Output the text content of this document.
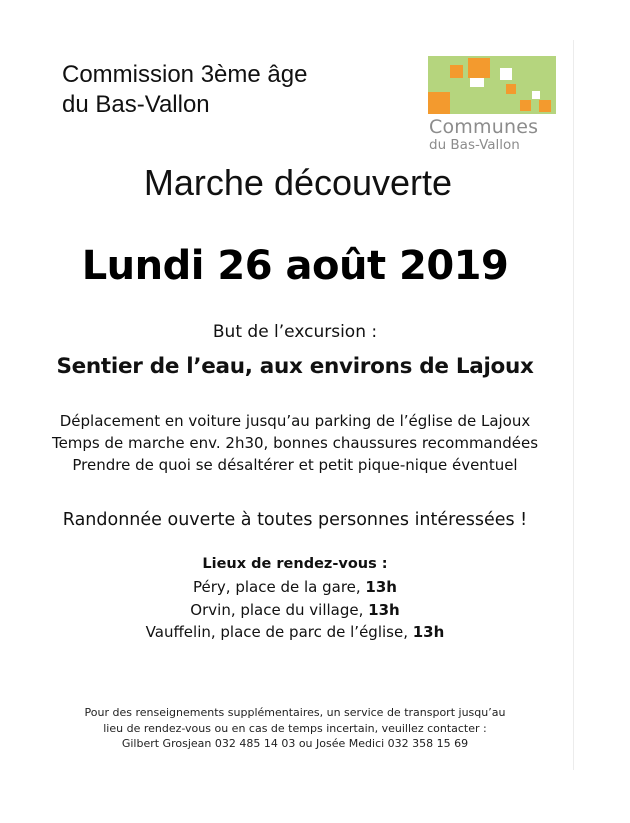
Commission 3ème âge
du Bas-Vallon
Communes
du Bas-Vallon
Marche découverte
Lundi 26 août 2019
But de l’excursion :
Sentier de l’eau, aux environs de Lajoux
Déplacement en voiture jusqu’au parking de l’église de Lajoux
Temps de marche env. 2h30, bonnes chaussures recommandées
Prendre de quoi se désaltérer et petit pique-nique éventuel
Randonnée ouverte à toutes personnes intéressées !
Lieux de rendez-vous :
Péry, place de la gare, 13h
Orvin, place du village, 13h
Vauffelin, place de parc de l’église, 13h
Pour des renseignements supplémentaires, un service de transport jusqu’au
lieu de rendez-vous ou en cas de temps incertain, veuillez contacter :
Gilbert Grosjean 032 485 14 03 ou Josée Medici 032 358 15 69
